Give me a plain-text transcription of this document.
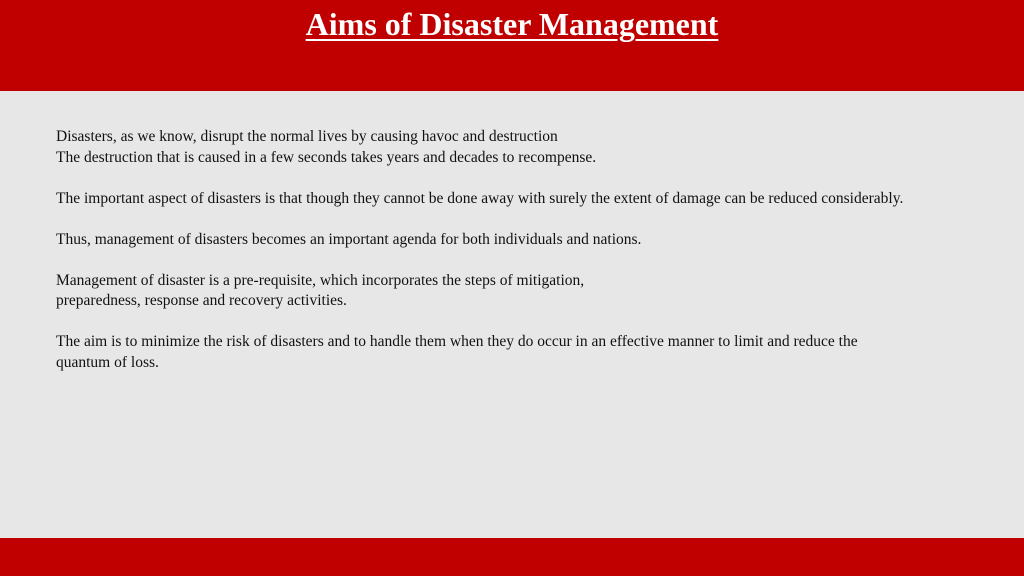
Aims of Disaster Management

Disasters, as we know, disrupt the normal lives by causing havoc and destruction
The destruction that is caused in a few seconds takes years and decades to recompense.

The important aspect of disasters is that though they cannot be done away with surely the extent of damage can be reduced considerably.

Thus, management of disasters becomes an important agenda for both individuals and nations.

Management of disaster is a pre-requisite, which incorporates the steps of mitigation,
preparedness, response and recovery activities.

The aim is to minimize the risk of disasters and to handle them when they do occur in an effective manner to limit and reduce the
quantum of loss.
